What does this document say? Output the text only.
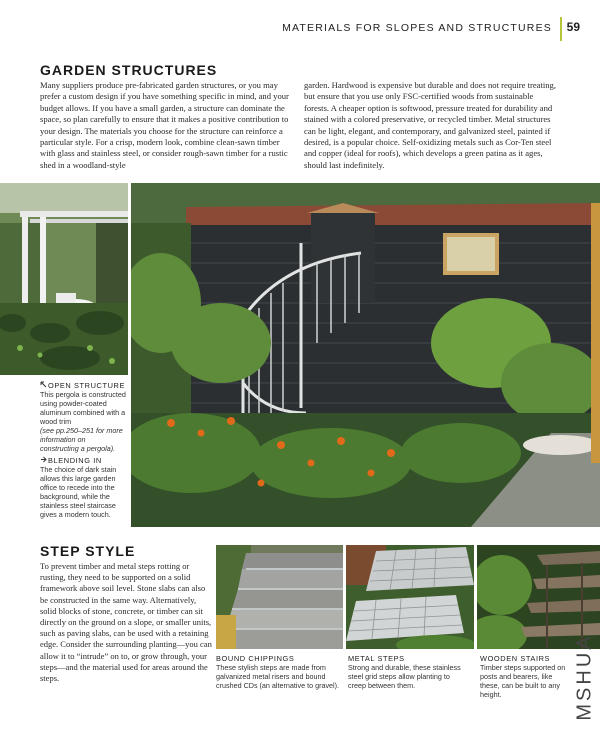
MATERIALS FOR SLOPES AND STRUCTURES 59
GARDEN STRUCTURES
Many suppliers produce pre-fabricated garden structures, or you may prefer a custom design if you have something specific in mind, and your budget allows. If you have a small garden, a structure can dominate the space, so plan carefully to ensure that it makes a positive contribution to your design. The materials you choose for the structure can reinforce a particular style. For a crisp, modern look, combine clean-sawn timber with glass and stainless steel, or consider rough-sawn timber for a rustic shed in a woodland-style
garden. Hardwood is expensive but durable and does not require treating, but ensure that you use only FSC-certified woods from sustainable forests. A cheaper option is softwood, pressure treated for durability and stained with a colored preservative, or recycled timber. Metal structures can be light, elegant, and contemporary, and galvanized steel, painted if desired, is a popular choice. Self-oxidizing metals such as Cor-Ten steel and copper (ideal for roofs), which develops a green patina as it ages, should last indefinitely.
OPEN STRUCTURE
This pergola is constructed using powder-coated aluminum combined with a wood trim
(see pp.250–251 for more information on constructing a pergola).
BLENDING IN
The choice of dark stain allows this large garden office to recede into the background, while the stainless steel staircase gives a modern touch.
STEP STYLE
To prevent timber and metal steps rotting or rusting, they need to be supported on a solid framework above soil level. Stone slabs can also be constructed in the same way. Alternatively, solid blocks of stone, concrete, or timber can sit directly on the ground on a slope, or smaller units, such as paving slabs, can be used with a retaining edge. Consider the surrounding planting—you can allow it to “intrude” on to, or grow through, your steps—and the material used for areas around the steps.
BOUND CHIPPINGS
These stylish steps are made from galvanized metal risers and bound crushed CDs (an alternative to gravel).
METAL STEPS
Strong and durable, these stainless steel grid steps allow planting to creep between them.
WOODEN STAIRS
Timber steps supported on posts and bearers, like these, can be built to any height.	MSHUA
